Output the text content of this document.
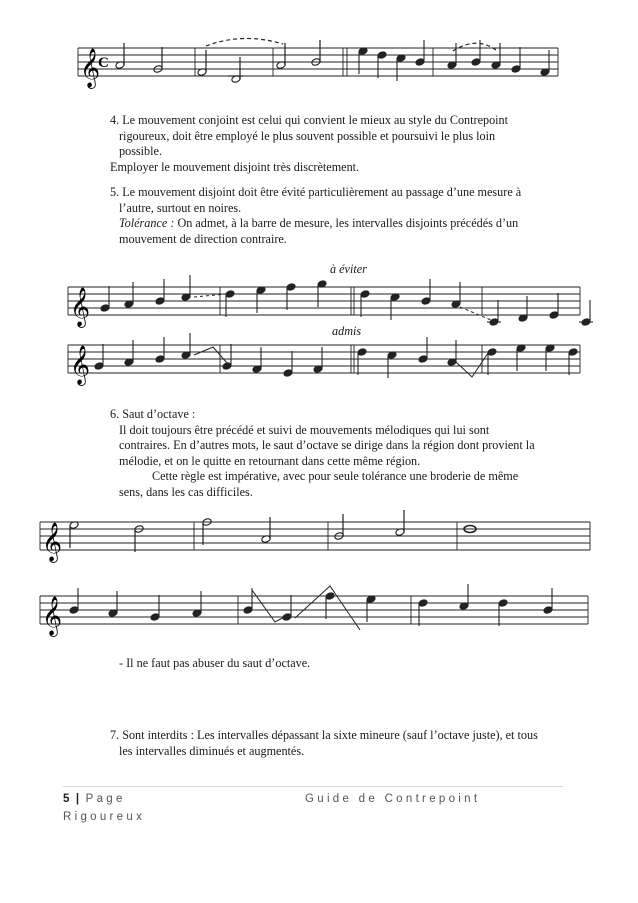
𝄞
C

4. Le mouvement conjoint est celui qui convient le mieux au style du Contrepoint

rigoureux, doit être employé le plus souvent possible et poursuivi le plus loin

possible.

Employer le mouvement disjoint très discrètement.

5. Le mouvement disjoint doit être évité particulièrement au passage d’une mesure à

l’autre, surtout en noires.

Tolérance : On admet, à la barre de mesure, les intervalles disjoints précédés d’un

mouvement de direction contraire.

à éviter
𝄞
admis
𝄞

6. Saut d’octave :

Il doit toujours être précédé et suivi de mouvements mélodiques qui lui sont

contraires. En d’autres mots, le saut d’octave se dirige dans la région dont provient la

mélodie, et on le quitte en retournant dans cette même région.

Cette règle est impérative, avec pour seule tolérance une broderie de même

sens, dans les cas difficiles.

𝄞
𝄞

- Il ne faut pas abuser du saut d’octave.

7. Sont interdits : Les intervalles dépassant la sixte mineure (sauf l’octave juste), et tous

les intervalles diminués et augmentés.

5 | Page	Guide de Contrepoint
Rigoureux
